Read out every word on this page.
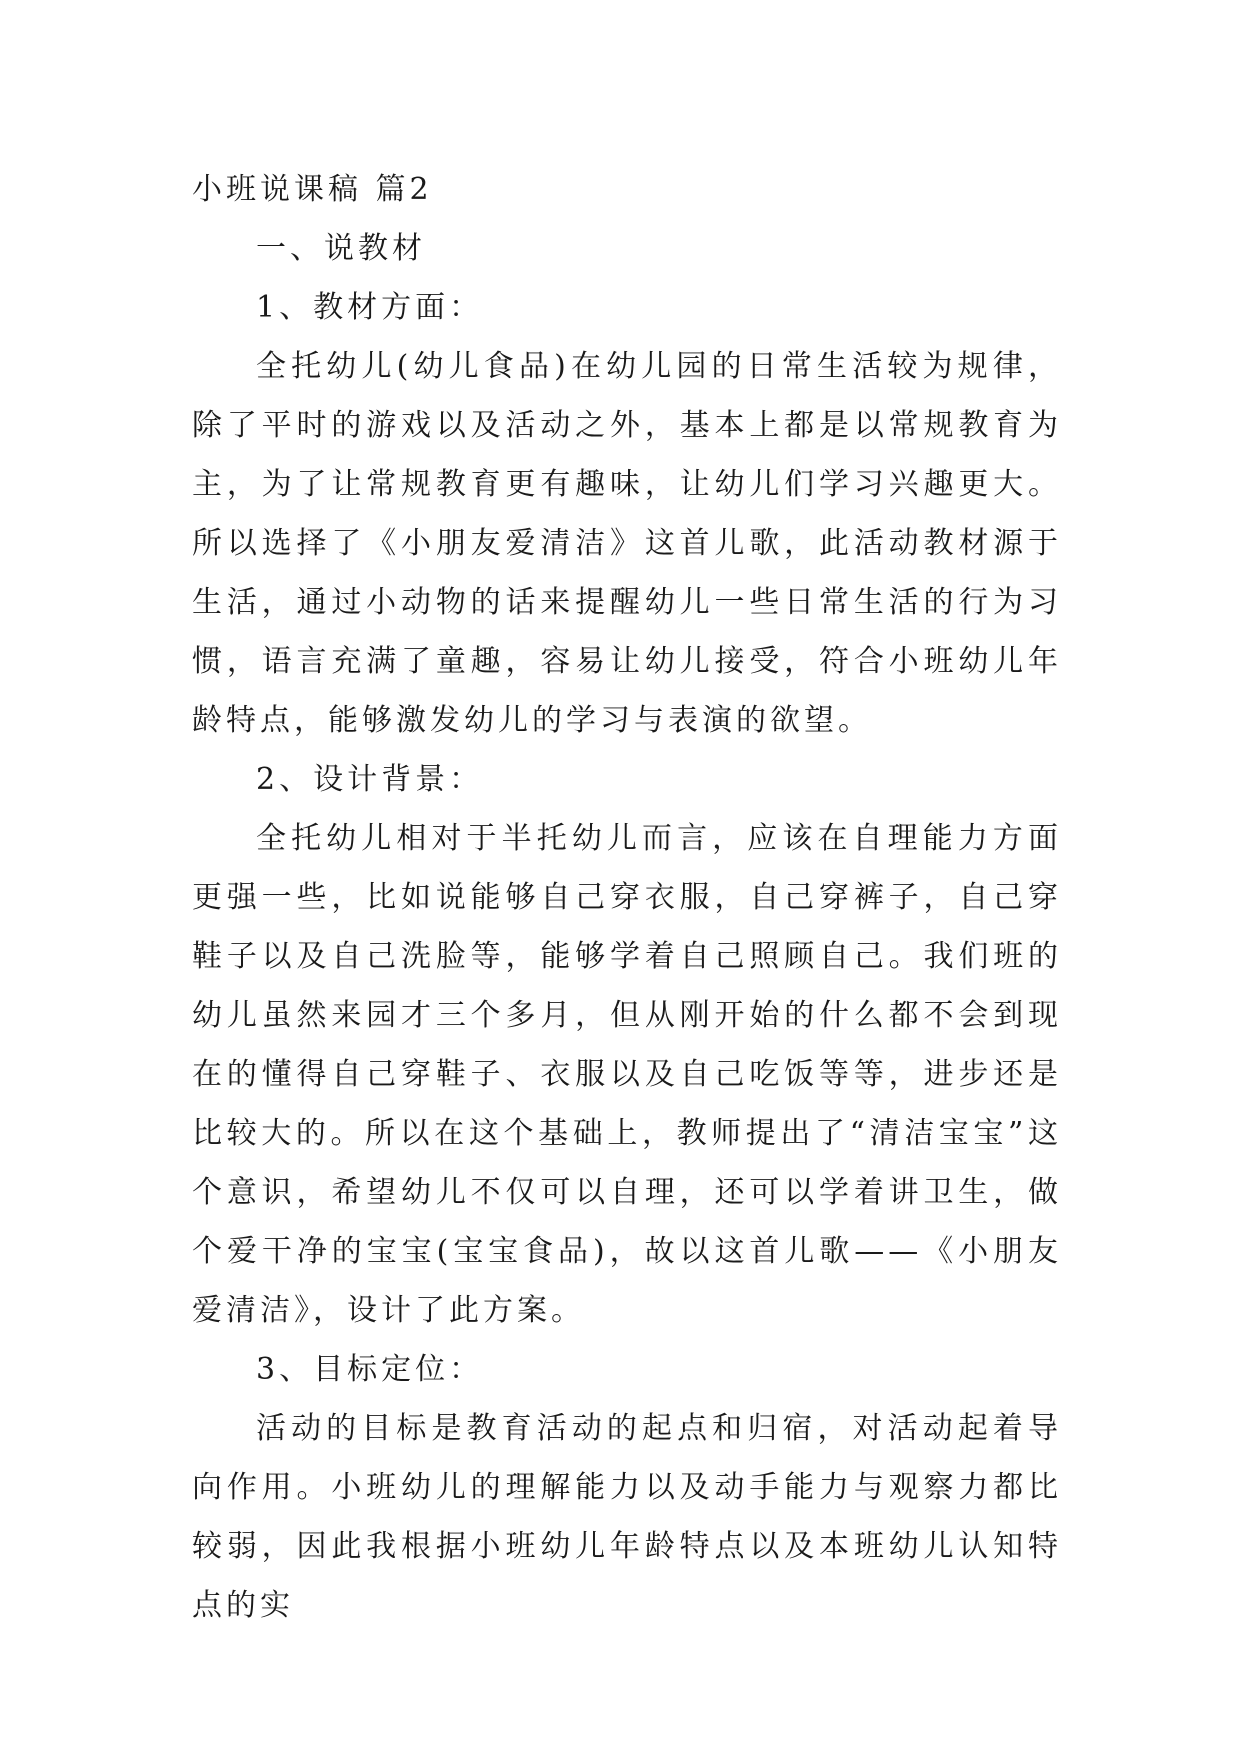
小班说课稿 篇2

一、说教材

1、教材方面：

全托幼儿(幼儿食品)在幼儿园的日常生活较为规律，除了平时的游戏以及活动之外，基本上都是以常规教育为主，为了让常规教育更有趣味，让幼儿们学习兴趣更大。所以选择了《小朋友爱清洁》这首儿歌，此活动教材源于生活，通过小动物的话来提醒幼儿一些日常生活的行为习惯，语言充满了童趣，容易让幼儿接受，符合小班幼儿年龄特点，能够激发幼儿的学习与表演的欲望。

2、设计背景：

全托幼儿相对于半托幼儿而言，应该在自理能力方面更强一些，比如说能够自己穿衣服，自己穿裤子，自己穿鞋子以及自己洗脸等，能够学着自己照顾自己。我们班的幼儿虽然来园才三个多月，但从刚开始的什么都不会到现在的懂得自己穿鞋子、衣服以及自己吃饭等等，进步还是比较大的。所以在这个基础上，教师提出了“清洁宝宝”这个意识，希望幼儿不仅可以自理，还可以学着讲卫生，做个爱干净的宝宝(宝宝食品)，故以这首儿歌——《小朋友爱清洁》，设计了此方案。

3、目标定位：

活动的目标是教育活动的起点和归宿，对活动起着导向作用。小班幼儿的理解能力以及动手能力与观察力都比较弱，因此我根据小班幼儿年龄特点以及本班幼儿认知特点的实
